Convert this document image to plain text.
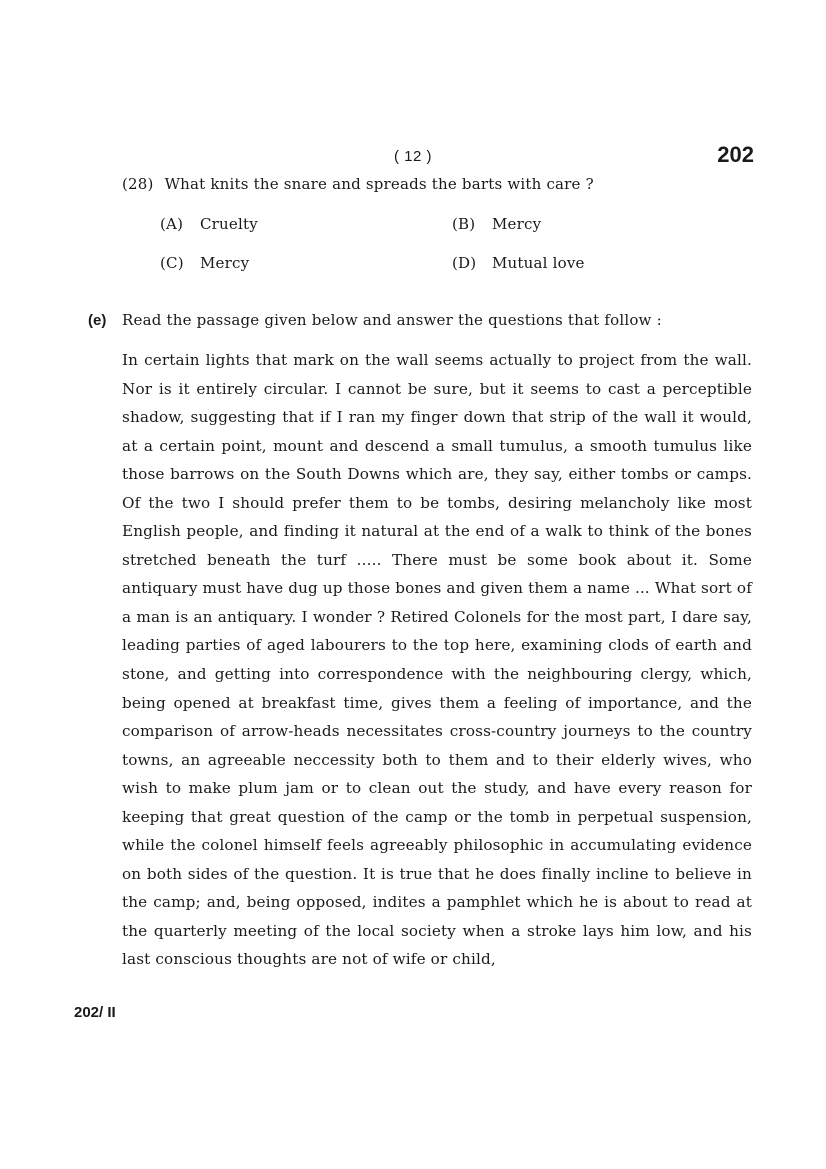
( 12 )	202
(28) What knits the snare and spreads the barts with care ?
(A) Cruelty	(B) Mercy
(C) Mercy	(D) Mutual love
(e) Read the passage given below and answer the questions that follow :

In certain lights that mark on the wall seems actually to project from the wall. Nor is it entirely circular. I cannot be sure, but it seems to cast a perceptible shadow, suggesting that if I ran my finger down that strip of the wall it would, at a certain point, mount and descend a small tumulus, a smooth tumulus like those barrows on the South Downs which are, they say, either tombs or camps. Of the two I should prefer them to be tombs, desiring melancholy like most English people, and finding it natural at the end of a walk to think of the bones stretched beneath the turf ..... There must be some book about it. Some antiquary must have dug up those bones and given them a name ... What sort of a man is an antiquary. I wonder ? Retired Colonels for the most part, I dare say, leading parties of aged labourers to the top here, examining clods of earth and stone, and getting into correspondence with the neighbouring clergy, which, being opened at breakfast time, gives them a feeling of importance, and the comparison of arrow-heads necessitates cross-country journeys to the country towns, an agreeable neccessity both to them and to their elderly wives, who wish to make plum jam or to clean out the study, and have every reason for keeping that great question of the camp or the tomb in perpetual suspension, while the colonel himself feels agreeably philosophic in accumulating evidence on both sides of the question. It is true that he does finally incline to believe in the camp; and, being opposed, indites a pamphlet which he is about to read at the quarterly meeting of the local society when a stroke lays him low, and his last conscious thoughts are not of wife or child,

202/ II
